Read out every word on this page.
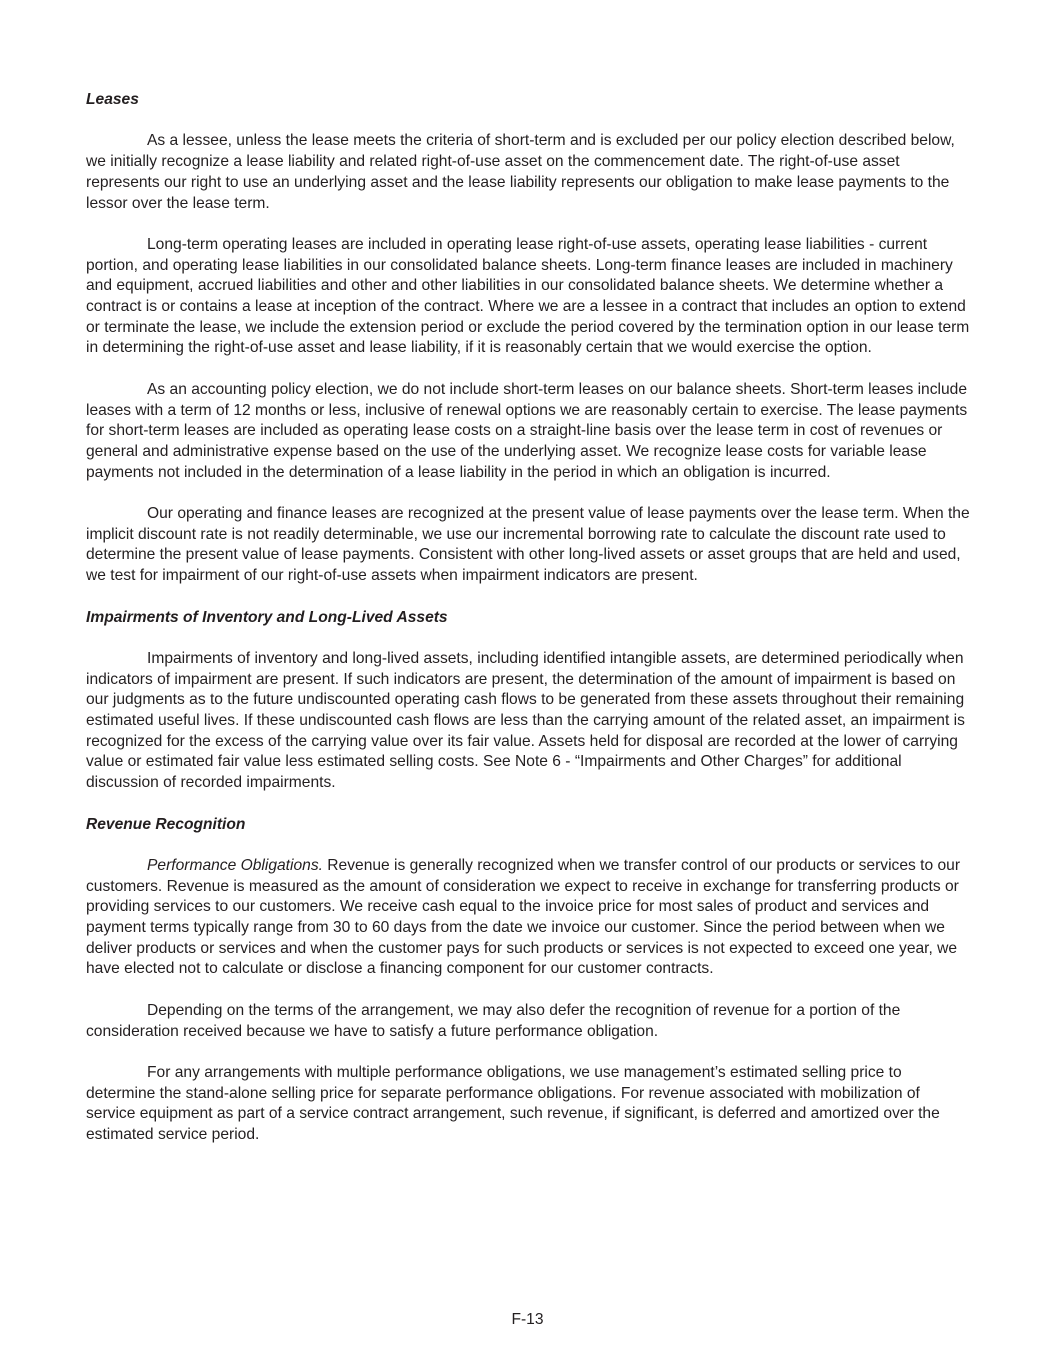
Leases

As a lessee, unless the lease meets the criteria of short-term and is excluded per our policy election described below, we initially recognize a lease liability and related right-of-use asset on the commencement date. The right-of-use asset represents our right to use an underlying asset and the lease liability represents our obligation to make lease payments to the lessor over the lease term.

Long-term operating leases are included in operating lease right-of-use assets, operating lease liabilities - current portion, and operating lease liabilities in our consolidated balance sheets. Long-term finance leases are included in machinery and equipment, accrued liabilities and other and other liabilities in our consolidated balance sheets. We determine whether a contract is or contains a lease at inception of the contract. Where we are a lessee in a contract that includes an option to extend or terminate the lease, we include the extension period or exclude the period covered by the termination option in our lease term in determining the right-of-use asset and lease liability, if it is reasonably certain that we would exercise the option.

As an accounting policy election, we do not include short-term leases on our balance sheets. Short-term leases include leases with a term of 12 months or less, inclusive of renewal options we are reasonably certain to exercise. The lease payments for short-term leases are included as operating lease costs on a straight-line basis over the lease term in cost of revenues or general and administrative expense based on the use of the underlying asset. We recognize lease costs for variable lease payments not included in the determination of a lease liability in the period in which an obligation is incurred.

Our operating and finance leases are recognized at the present value of lease payments over the lease term. When the implicit discount rate is not readily determinable, we use our incremental borrowing rate to calculate the discount rate used to determine the present value of lease payments. Consistent with other long-lived assets or asset groups that are held and used, we test for impairment of our right-of-use assets when impairment indicators are present.

Impairments of Inventory and Long-Lived Assets

Impairments of inventory and long-lived assets, including identified intangible assets, are determined periodically when indicators of impairment are present. If such indicators are present, the determination of the amount of impairment is based on our judgments as to the future undiscounted operating cash flows to be generated from these assets throughout their remaining estimated useful lives. If these undiscounted cash flows are less than the carrying amount of the related asset, an impairment is recognized for the excess of the carrying value over its fair value. Assets held for disposal are recorded at the lower of carrying value or estimated fair value less estimated selling costs. See Note 6 - “Impairments and Other Charges” for additional discussion of recorded impairments.

Revenue Recognition

Performance Obligations. Revenue is generally recognized when we transfer control of our products or services to our customers. Revenue is measured as the amount of consideration we expect to receive in exchange for transferring products or providing services to our customers. We receive cash equal to the invoice price for most sales of product and services and payment terms typically range from 30 to 60 days from the date we invoice our customer. Since the period between when we deliver products or services and when the customer pays for such products or services is not expected to exceed one year, we have elected not to calculate or disclose a financing component for our customer contracts.

Depending on the terms of the arrangement, we may also defer the recognition of revenue for a portion of the consideration received because we have to satisfy a future performance obligation.

For any arrangements with multiple performance obligations, we use management’s estimated selling price to determine the stand-alone selling price for separate performance obligations. For revenue associated with mobilization of service equipment as part of a service contract arrangement, such revenue, if significant, is deferred and amortized over the estimated service period.

F-13
